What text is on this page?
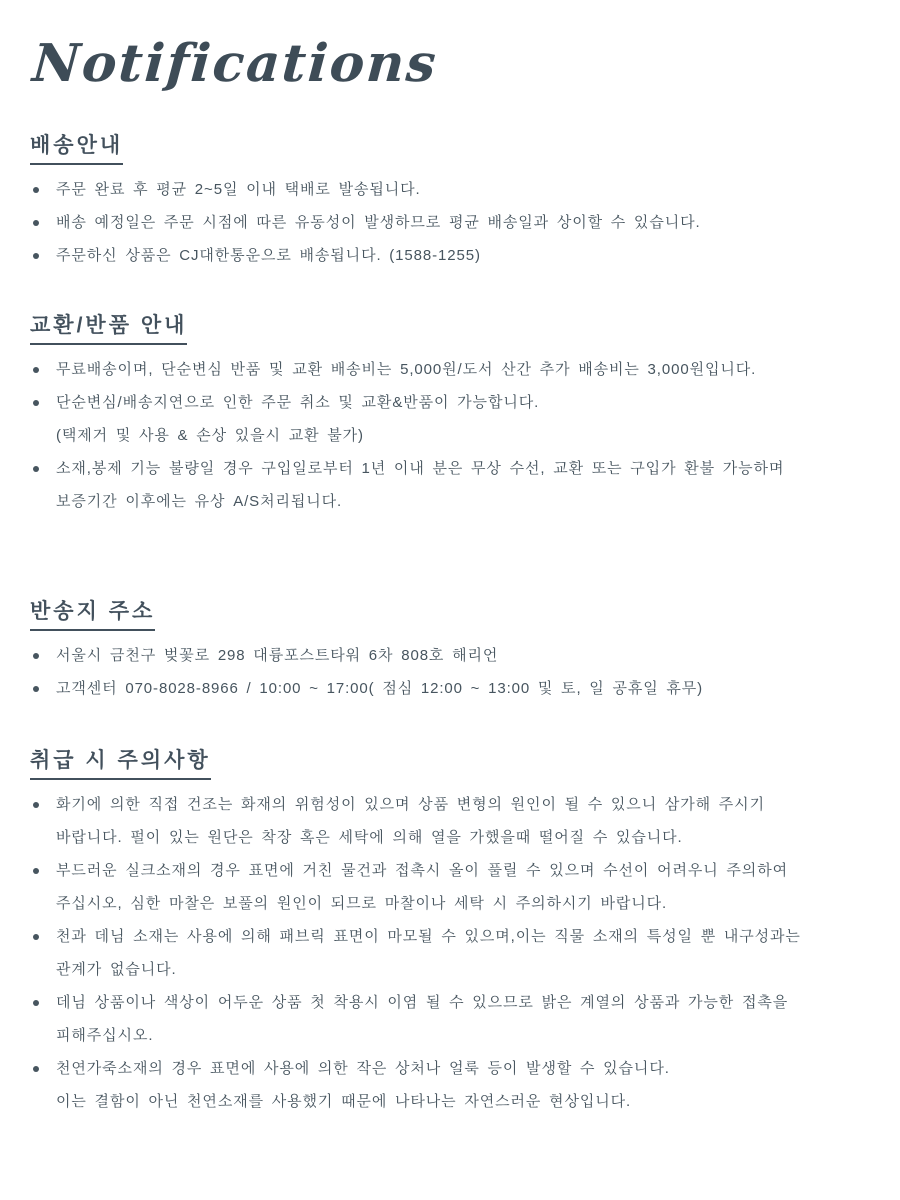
Notifications
배송안내
주문 완료 후 평균 2~5일 이내 택배로 발송됩니다.
배송 예정일은 주문 시점에 따른 유동성이 발생하므로 평균 배송일과 상이할 수 있습니다.
주문하신 상품은 CJ대한통운으로 배송됩니다. (1588-1255)
교환/반품 안내
무료배송이며, 단순변심 반품 및 교환 배송비는 5,000원/도서 산간 추가 배송비는 3,000원입니다.
단순변심/배송지연으로 인한 주문 취소 및 교환&반품이 가능합니다.
(택제거 및 사용 & 손상 있을시 교환 불가)
소재,봉제 기능 불량일 경우 구입일로부터 1년 이내 분은 무상 수선, 교환 또는 구입가 환불 가능하며
보증기간 이후에는 유상 A/S처리됩니다.
반송지 주소
서울시 금천구 벚꽃로 298 대륭포스트타워 6차 808호 해리언
고객센터 070-8028-8966 / 10:00 ~ 17:00( 점심 12:00 ~ 13:00 및 토, 일 공휴일 휴무)
취급 시 주의사항
화기에 의한 직접 건조는 화재의 위험성이 있으며 상품 변형의 원인이 될 수 있으니 삼가해 주시기
바랍니다. 펄이 있는 원단은 착장 혹은 세탁에 의해 열을 가했을때 떨어질 수 있습니다.
부드러운 실크소재의 경우 표면에 거친 물건과 접촉시 올이 풀릴 수 있으며 수선이 어려우니 주의하여
주십시오, 심한 마찰은 보풀의 원인이 되므로 마찰이나 세탁 시 주의하시기 바랍니다.
천과 데님 소재는 사용에 의해 패브릭 표면이 마모될 수 있으며,이는 직물 소재의 특성일 뿐 내구성과는
관계가 없습니다.
데님 상품이나 색상이 어두운 상품 첫 착용시 이염 될 수 있으므로 밝은 계열의 상품과 가능한 접촉을
피해주십시오.
천연가죽소재의 경우 표면에 사용에 의한 작은 상처나 얼룩 등이 발생할 수 있습니다.
이는 결함이 아닌 천연소재를 사용했기 때문에 나타나는 자연스러운 현상입니다.
